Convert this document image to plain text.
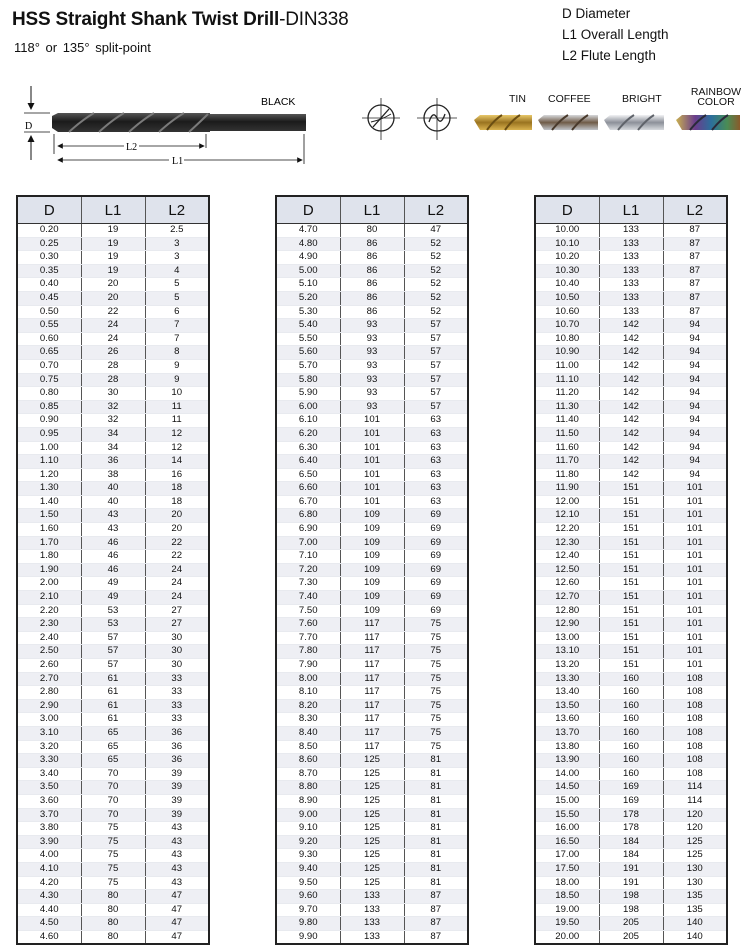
HSS Straight Shank Twist Drill-DIN338
118° or 135° split-point
D Diameter
L1 Overall Length
L2 Flute Length
D
L2
L1
BLACK	TIN COFFEE	BRIGHT
RAINBOW COLOR
D	L1	L2
0.20	19	2.5
0.25	19	3
0.30	19	3
0.35	19	4
0.40	20	5
0.45	20	5
0.50	22	6
0.55	24	7
0.60	24	7
0.65	26	8
0.70	28	9
0.75	28	9
0.80	30	10
0.85	32	11
0.90	32	11
0.95	34	12
1.00	34	12
1.10	36	14
1.20	38	16
1.30	40	18
1.40	40	18
1.50	43	20
1.60	43	20
1.70	46	22
1.80	46	22
1.90	46	24
2.00	49	24
2.10	49	24
2.20	53	27
2.30	53	27
2.40	57	30
2.50	57	30
2.60	57	30
2.70	61	33
2.80	61	33
2.90	61	33
3.00	61	33
3.10	65	36
3.20	65	36
3.30	65	36
3.40	70	39
3.50	70	39
3.60	70	39
3.70	70	39
3.80	75	43
3.90	75	43
4.00	75	43
4.10	75	43
4.20	75	43
4.30	80	47
4.40	80	47
4.50	80	47
4.60	80	47
D	L1	L2
4.70	80	47
4.80	86	52
4.90	86	52
5.00	86	52
5.10	86	52
5.20	86	52
5.30	86	52
5.40	93	57
5.50	93	57
5.60	93	57
5.70	93	57
5.80	93	57
5.90	93	57
6.00	93	57
6.10	101	63
6.20	101	63
6.30	101	63
6.40	101	63
6.50	101	63
6.60	101	63
6.70	101	63
6.80	109	69
6.90	109	69
7.00	109	69
7.10	109	69
7.20	109	69
7.30	109	69
7.40	109	69
7.50	109	69
7.60	117	75
7.70	117	75
7.80	117	75
7.90	117	75
8.00	117	75
8.10	117	75
8.20	117	75
8.30	117	75
8.40	117	75
8.50	117	75
8.60	125	81
8.70	125	81
8.80	125	81
8.90	125	81
9.00	125	81
9.10	125	81
9.20	125	81
9.30	125	81
9.40	125	81
9.50	125	81
9.60	133	87
9.70	133	87
9.80	133	87
9.90	133	87
D	L1	L2
10.00	133	87
10.10	133	87
10.20	133	87
10.30	133	87
10.40	133	87
10.50	133	87
10.60	133	87
10.70	142	94
10.80	142	94
10.90	142	94
11.00	142	94
11.10	142	94
11.20	142	94
11.30	142	94
11.40	142	94
11.50	142	94
11.60	142	94
11.70	142	94
11.80	142	94
11.90	151	101
12.00	151	101
12.10	151	101
12.20	151	101
12.30	151	101
12.40	151	101
12.50	151	101
12.60	151	101
12.70	151	101
12.80	151	101
12.90	151	101
13.00	151	101
13.10	151	101
13.20	151	101
13.30	160	108
13.40	160	108
13.50	160	108
13.60	160	108
13.70	160	108
13.80	160	108
13.90	160	108
14.00	160	108
14.50	169	114
15.00	169	114
15.50	178	120
16.00	178	120
16.50	184	125
17.00	184	125
17.50	191	130
18.00	191	130
18.50	198	135
19.00	198	135
19.50	205	140
20.00	205	140
